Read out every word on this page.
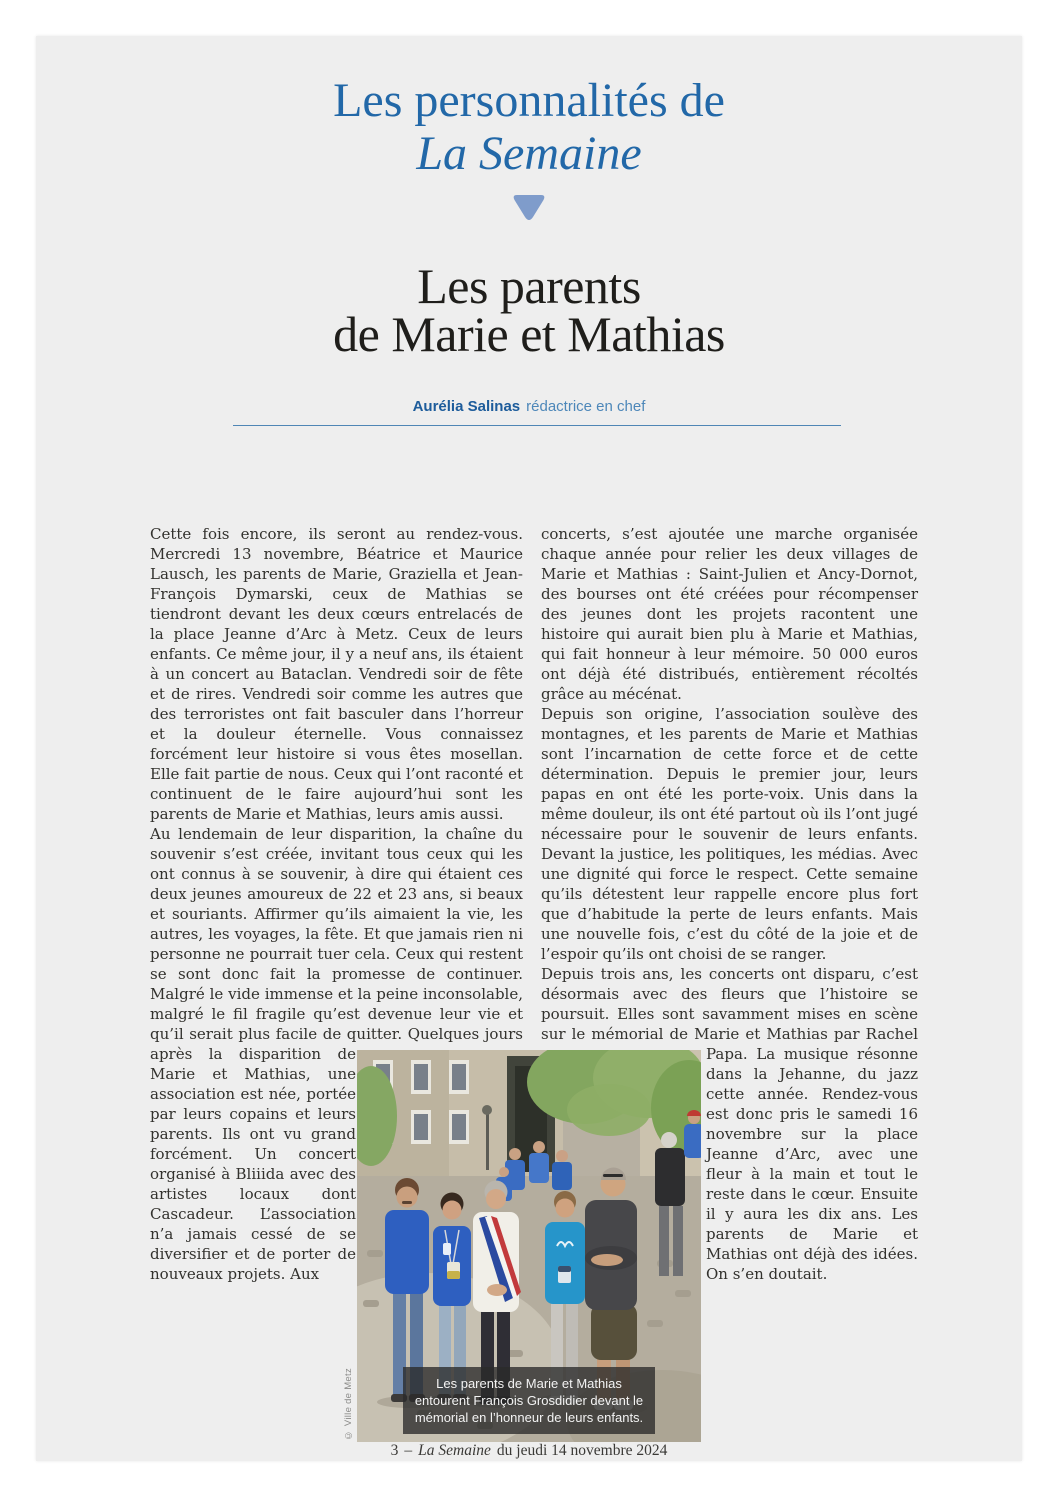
Les personnalités de
La Semaine
Les parents
de Marie et Mathias
Aurélia Salinas rédactrice en chef

Cette fois encore, ils seront au rendez-vous. Mercredi 13 novembre, Béatrice et Maurice Lausch, les parents de Marie, Graziella et Jean-François Dymarski, ceux de Mathias se tiendront devant les deux cœurs entrelacés de la place Jeanne d’Arc à Metz. Ceux de leurs enfants. Ce même jour, il y a neuf ans, ils étaient à un concert au Bataclan. Vendredi soir de fête et de rires. Vendredi soir comme les autres que des terroristes ont fait basculer dans l’horreur et la douleur éternelle. Vous connaissez forcément leur histoire si vous êtes mosellan. Elle fait partie de nous. Ceux qui l’ont raconté et continuent de le faire aujourd’hui sont les parents de Marie et Mathias, leurs amis aussi.

Au lendemain de leur disparition, la chaîne du souvenir s’est créée, invitant tous ceux qui les ont connus à se souvenir, à dire qui étaient ces deux jeunes amoureux de 22 et 23 ans, si beaux et souriants. Affirmer qu’ils aimaient la vie, les autres, les voyages, la fête. Et que jamais rien ni personne ne pourrait tuer cela. Ceux qui restent se sont donc fait la promesse de continuer. Malgré le vide immense et la peine inconsolable, malgré le fil fragile qu’est devenue leur vie et qu’il serait plus facile de quitter. Quelques jours après la disparition de Marie et Mathias, une association est née, portée par leurs copains et leurs parents. Ils ont vu grand forcément. Un concert organisé à Bliiida avec des artistes locaux dont Cascadeur. L’association n’a jamais cessé de se diversifier et de porter de nouveaux projets. Aux

concerts, s’est ajoutée une marche organisée chaque année pour relier les deux villages de Marie et Mathias : Saint-Julien et Ancy-Dornot, des bourses ont été créées pour récompenser des jeunes dont les projets racontent une histoire qui aurait bien plu à Marie et Mathias, qui fait honneur à leur mémoire. 50 000 euros ont déjà été distribués, entièrement récoltés grâce au mécénat.

Depuis son origine, l’association soulève des montagnes, et les parents de Marie et Mathias sont l’incarnation de cette force et de cette détermination. Depuis le premier jour, leurs papas en ont été les porte-voix. Unis dans la même douleur, ils ont été partout où ils l’ont jugé nécessaire pour le souvenir de leurs enfants. Devant la justice, les politiques, les médias. Avec une dignité qui force le respect. Cette semaine qu’ils détestent leur rappelle encore plus fort que d’habitude la perte de leurs enfants. Mais une nouvelle fois, c’est du côté de la joie et de l’espoir qu’ils ont choisi de se ranger.

Depuis trois ans, les concerts ont disparu, c’est désormais avec des fleurs que l’histoire se poursuit. Elles sont savamment mises en scène sur le mémorial de Marie et Mathias par Rachel Papa. La musique résonne dans la Jehanne, du jazz cette année. Rendez-vous est donc pris le samedi 16 novembre sur la place Jeanne d’Arc, avec une fleur à la main et tout le reste dans le cœur. Ensuite il y aura les dix ans. Les parents de Marie et Mathias ont déjà des idées. On s’en doutait.

Les parents de Marie et Mathias entourent François Grosdidier devant le mémorial en l’honneur de leurs enfants.
© Ville de Metz
3 – La Semaine du jeudi 14 novembre 2024
